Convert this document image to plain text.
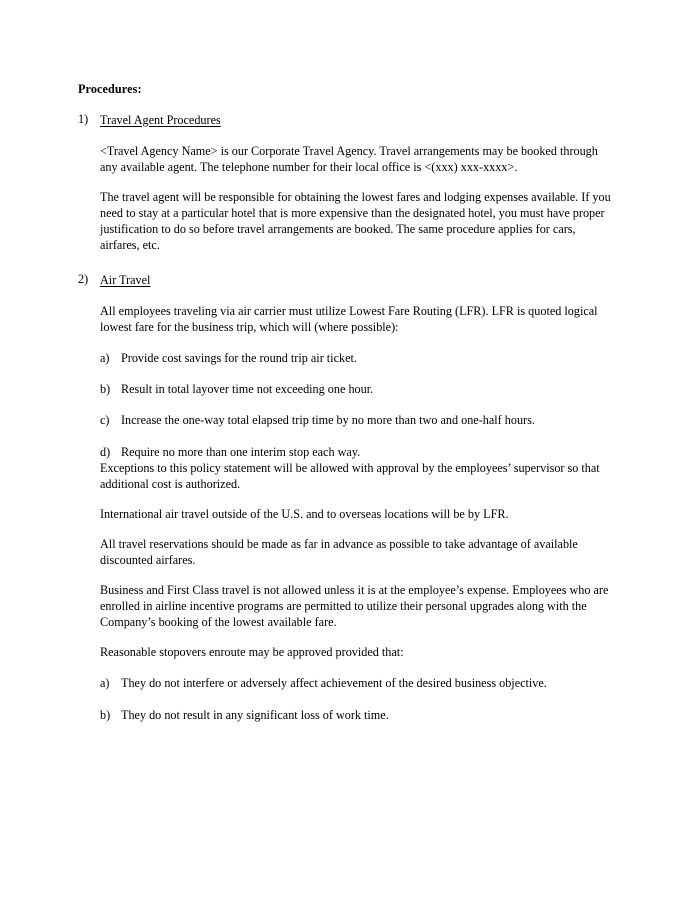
Procedures:
1) Travel Agent Procedures

<Travel Agency Name> is our Corporate Travel Agency. Travel arrangements may be booked through any available agent. The telephone number for their local office is <(xxx) xxx-xxxx>.

The travel agent will be responsible for obtaining the lowest fares and lodging expenses available. If you need to stay at a particular hotel that is more expensive than the designated hotel, you must have proper justification to do so before travel arrangements are booked. The same procedure applies for cars, airfares, etc.

2) Air Travel

All employees traveling via air carrier must utilize Lowest Fare Routing (LFR). LFR is quoted logical lowest fare for the business trip, which will (where possible):

a) Provide cost savings for the round trip air ticket.
b) Result in total layover time not exceeding one hour.
c) Increase the one-way total elapsed trip time by no more than two and one-half hours.
d) Require no more than one interim stop each way.

Exceptions to this policy statement will be allowed with approval by the employees’ supervisor so that additional cost is authorized.

International air travel outside of the U.S. and to overseas locations will be by LFR.

All travel reservations should be made as far in advance as possible to take advantage of available discounted airfares.

Business and First Class travel is not allowed unless it is at the employee’s expense. Employees who are enrolled in airline incentive programs are permitted to utilize their personal upgrades along with the Company’s booking of the lowest available fare.

Reasonable stopovers enroute may be approved provided that:

a) They do not interfere or adversely affect achievement of the desired business objective.
b) They do not result in any significant loss of work time.
